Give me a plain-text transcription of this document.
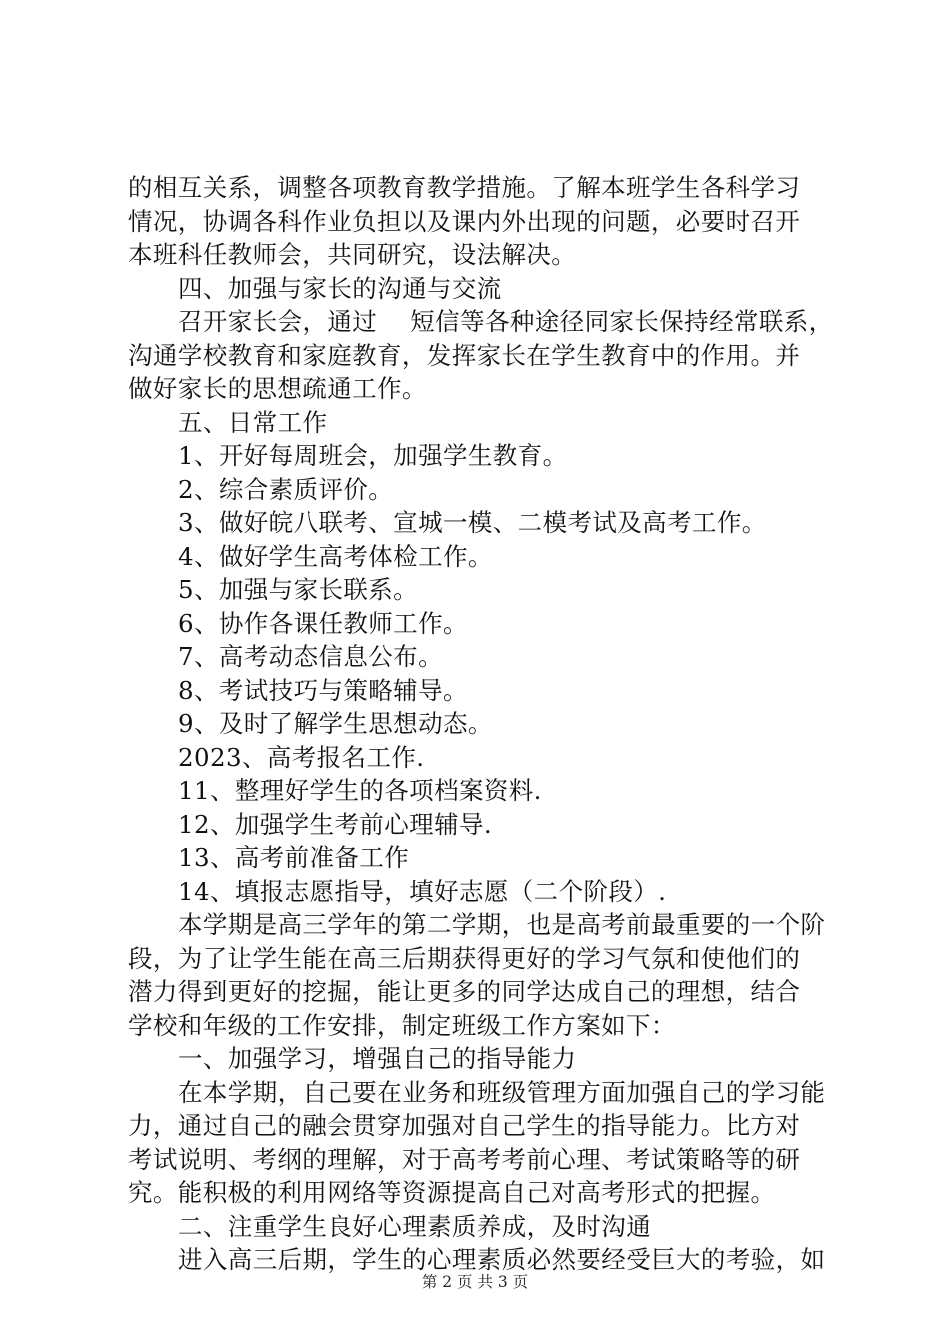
的相互关系，调整各项教育教学措施。了解本班学生各科学习
情况，协调各科作业负担以及课内外出现的问题，必要时召开
本班科任教师会，共同研究，设法解决。
四、加强与家长的沟通与交流
召开家长会，通过　 短信等各种途径同家长保持经常联系，
沟通学校教育和家庭教育，发挥家长在学生教育中的作用。并
做好家长的思想疏通工作。
五、日常工作
1、开好每周班会，加强学生教育。
2、综合素质评价。
3、做好皖八联考、宣城一模、二模考试及高考工作。
4、做好学生高考体检工作。
5、加强与家长联系。
6、协作各课任教师工作。
7、高考动态信息公布。
8、考试技巧与策略辅导。
9、及时了解学生思想动态。
2023、高考报名工作.
11、整理好学生的各项档案资料.
12、加强学生考前心理辅导.
13、高考前准备工作
14、填报志愿指导，填好志愿（二个阶段）.
本学期是高三学年的第二学期，也是高考前最重要的一个阶
段，为了让学生能在高三后期获得更好的学习气氛和使他们的
潜力得到更好的挖掘，能让更多的同学达成自己的理想，结合
学校和年级的工作安排，制定班级工作方案如下：
一、加强学习，增强自己的指导能力
在本学期，自己要在业务和班级管理方面加强自己的学习能
力，通过自己的融会贯穿加强对自己学生的指导能力。比方对
考试说明、考纲的理解，对于高考考前心理、考试策略等的研
究。能积极的利用网络等资源提高自己对高考形式的把握。
二、注重学生良好心理素质养成，及时沟通
进入高三后期，学生的心理素质必然要经受巨大的考验，如
第 2 页 共 3 页
